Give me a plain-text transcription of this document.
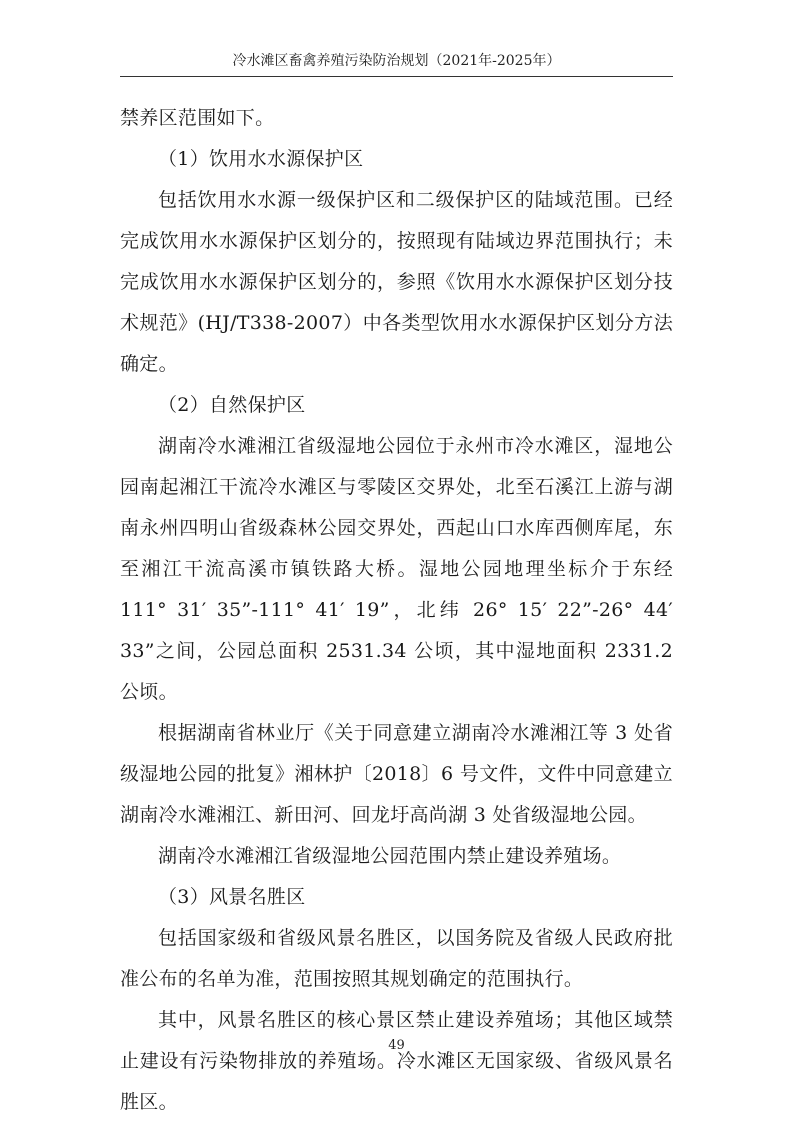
冷水滩区畜禽养殖污染防治规划（2021年-2025年）

禁养区范围如下。

（1）饮用水水源保护区

包括饮用水水源一级保护区和二级保护区的陆域范围。已经完成饮用水水源保护区划分的，按照现有陆域边界范围执行；未完成饮用水水源保护区划分的，参照《饮用水水源保护区划分技术规范》(HJ/T338-2007）中各类型饮用水水源保护区划分方法确定。

（2）自然保护区

湖南冷水滩湘江省级湿地公园位于永州市冷水滩区，湿地公园南起湘江干流冷水滩区与零陵区交界处，北至石溪江上游与湖南永州四明山省级森林公园交界处，西起山口水库西侧库尾，东至湘江干流高溪市镇铁路大桥。湿地公园地理坐标介于东经 111° 31′ 35”-111° 41′ 19”，北纬 26° 15′ 22”-26° 44′ 33”之间，公园总面积 2531.34 公顷，其中湿地面积 2331.2 公顷。

根据湖南省林业厅《关于同意建立湖南冷水滩湘江等 3 处省级湿地公园的批复》湘林护〔2018〕6 号文件，文件中同意建立湖南冷水滩湘江、新田河、回龙圩高尚湖 3 处省级湿地公园。

湖南冷水滩湘江省级湿地公园范围内禁止建设养殖场。

（3）风景名胜区

包括国家级和省级风景名胜区，以国务院及省级人民政府批准公布的名单为准，范围按照其规划确定的范围执行。

其中，风景名胜区的核心景区禁止建设养殖场；其他区域禁止建设有污染物排放的养殖场。冷水滩区无国家级、省级风景名胜区。

49
